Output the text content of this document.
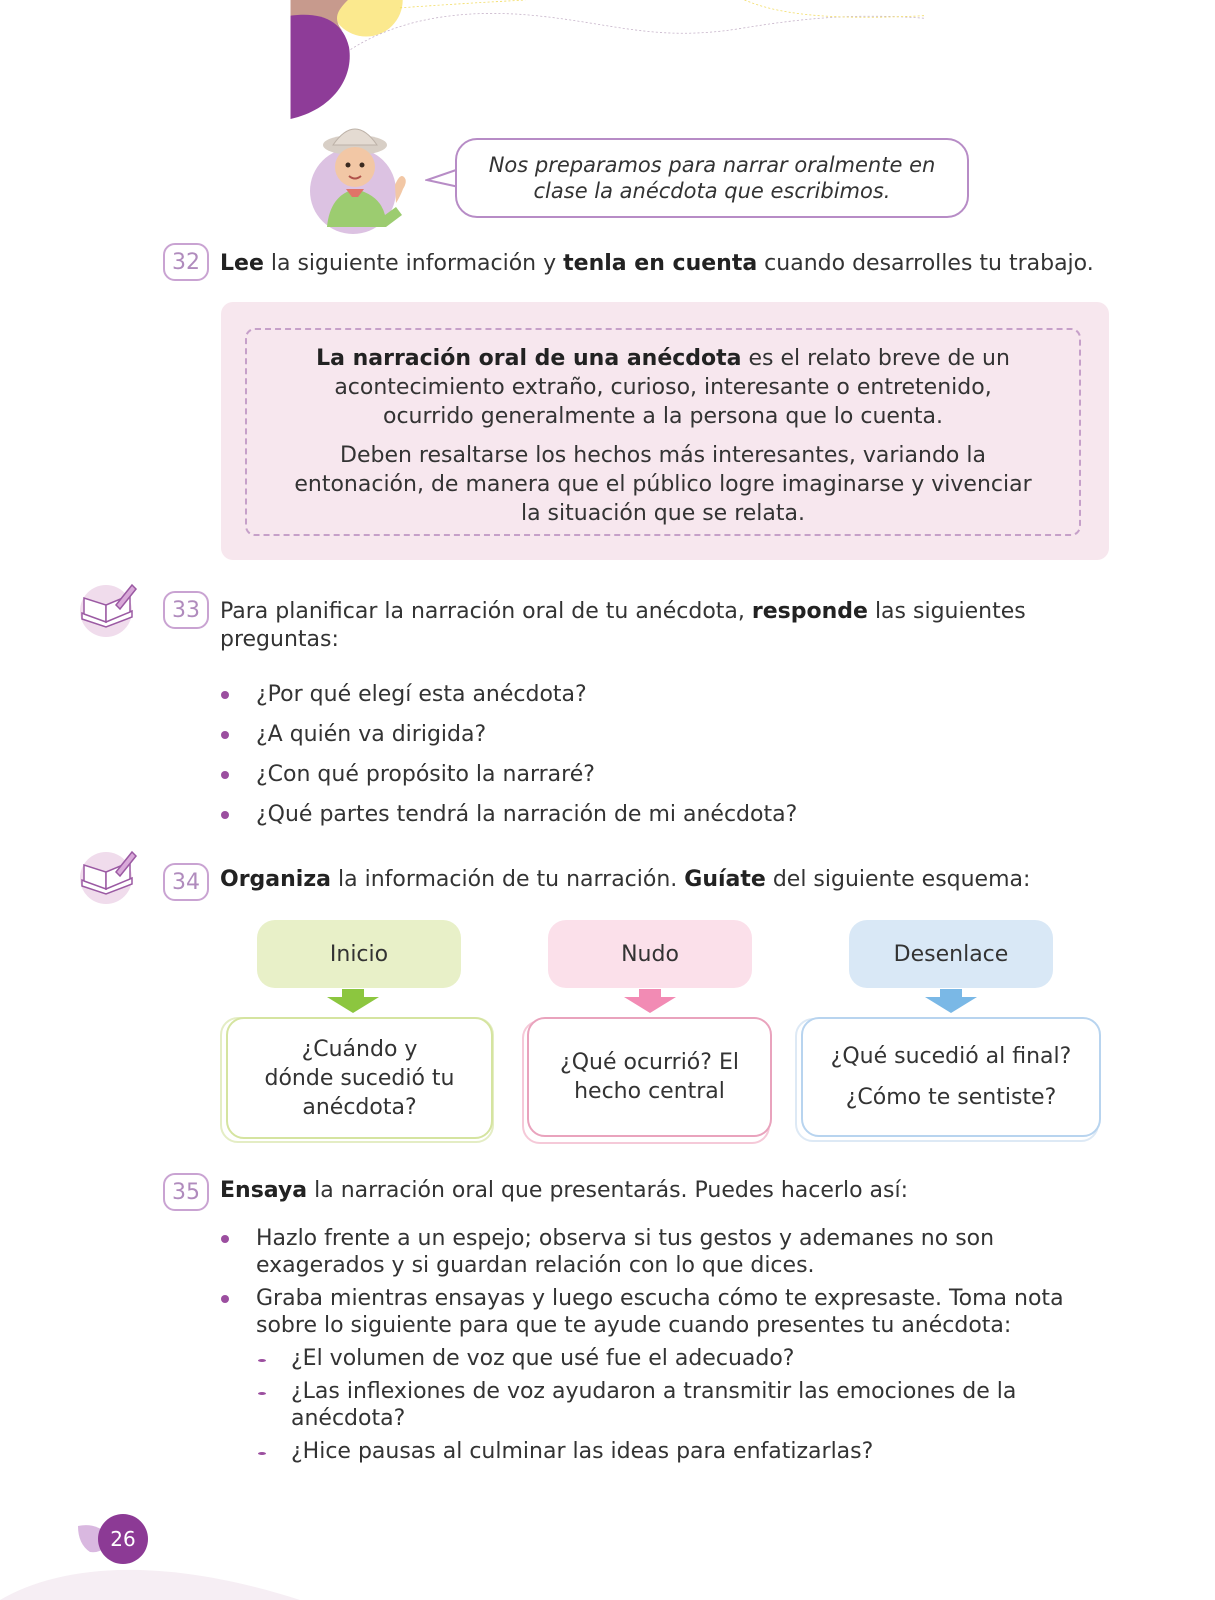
Nos preparamos para narrar oralmente en
clase la anécdota que escribimos.
32 Lee la siguiente información y tenla en cuenta cuando desarrolles tu trabajo.

La narración oral de una anécdota es el relato breve de un acontecimiento extraño, curioso, interesante o entretenido, ocurrido generalmente a la persona que lo cuenta.

Deben resaltarse los hechos más interesantes, variando la entonación, de manera que el público logre imaginarse y vivenciar la situación que se relata.

33 Para planificar la narración oral de tu anécdota, responde las siguientes preguntas:
¿Por qué elegí esta anécdota?
¿A quién va dirigida?
¿Con qué propósito la narraré?
¿Qué partes tendrá la narración de mi anécdota?
34 Organiza la información de tu narración. Guíate del siguiente esquema:
Inicio
¿Cuándo y
dónde sucedió tu
anécdota?
Nudo
¿Qué ocurrió? El
hecho central
Desenlace
¿Qué sucedió al final?
¿Cómo te sentiste?
35 Ensaya la narración oral que presentarás. Puedes hacerlo así:
Hazlo frente a un espejo; observa si tus gestos y ademanes no son exagerados y si guardan relación con lo que dices.
Graba mientras ensayas y luego escucha cómo te expresaste. Toma nota sobre lo siguiente para que te ayude cuando presentes tu anécdota:
¿El volumen de voz que usé fue el adecuado?
¿Las inflexiones de voz ayudaron a transmitir las emociones de la anécdota?
¿Hice pausas al culminar las ideas para enfatizarlas?
26
